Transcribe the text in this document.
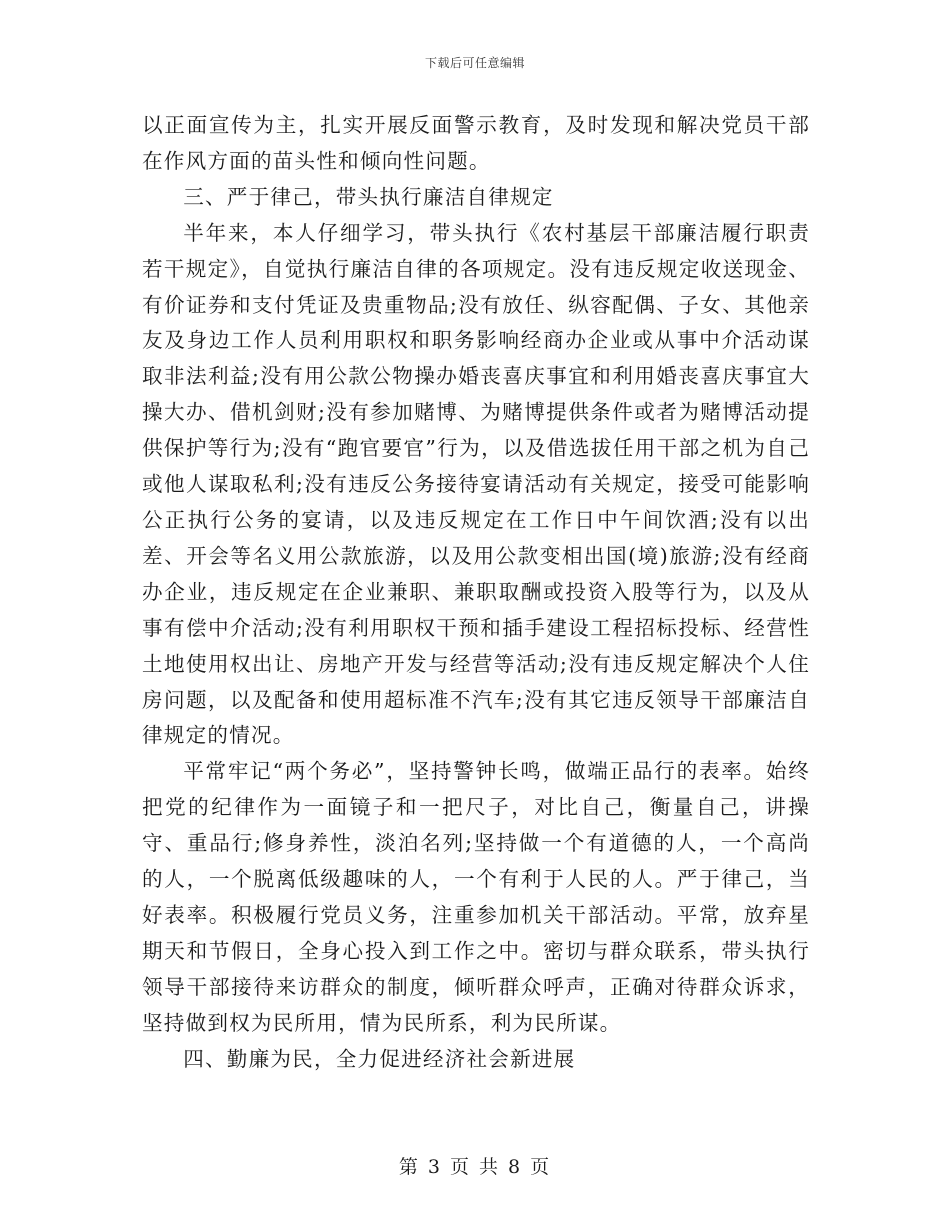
下载后可任意编辑

以正面宣传为主，扎实开展反面警示教育，及时发现和解决党员干部在作风方面的苗头性和倾向性问题。

三、严于律己，带头执行廉洁自律规定

半年来，本人仔细学习，带头执行《农村基层干部廉洁履行职责若干规定》，自觉执行廉洁自律的各项规定。没有违反规定收送现金、有价证券和支付凭证及贵重物品;没有放任、纵容配偶、子女、其他亲友及身边工作人员利用职权和职务影响经商办企业或从事中介活动谋取非法利益;没有用公款公物操办婚丧喜庆事宜和利用婚丧喜庆事宜大操大办、借机剑财;没有参加赌博、为赌博提供条件或者为赌博活动提供保护等行为;没有“跑官要官”行为，以及借选拔任用干部之机为自己或他人谋取私利;没有违反公务接待宴请活动有关规定，接受可能影响公正执行公务的宴请，以及违反规定在工作日中午间饮酒;没有以出差、开会等名义用公款旅游，以及用公款变相出国(境)旅游;没有经商办企业，违反规定在企业兼职、兼职取酬或投资入股等行为，以及从事有偿中介活动;没有利用职权干预和插手建设工程招标投标、经营性土地使用权出让、房地产开发与经营等活动;没有违反规定解决个人住房问题，以及配备和使用超标准不汽车;没有其它违反领导干部廉洁自律规定的情况。

平常牢记“两个务必”，坚持警钟长鸣，做端正品行的表率。始终把党的纪律作为一面镜子和一把尺子，对比自己，衡量自己，讲操守、重品行;修身养性，淡泊名列;坚持做一个有道德的人，一个高尚的人，一个脱离低级趣味的人，一个有利于人民的人。严于律己，当好表率。积极履行党员义务，注重参加机关干部活动。平常，放弃星期天和节假日，全身心投入到工作之中。密切与群众联系，带头执行领导干部接待来访群众的制度，倾听群众呼声，正确对待群众诉求，坚持做到权为民所用，情为民所系，利为民所谋。

四、勤廉为民，全力促进经济社会新进展

第 3 页 共 8 页
